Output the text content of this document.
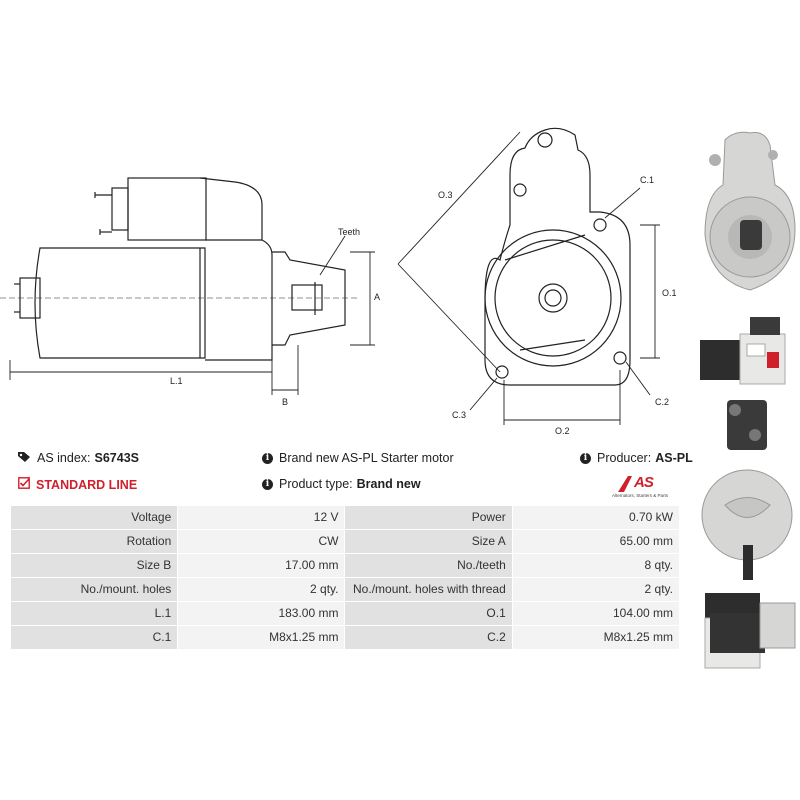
Teeth
A
L.1
B
O.3
O.1
O.2
C.1
C.2
C.3
AS index: S6743S
STANDARD LINE
i Brand new AS-PL Starter motor
i Product type: Brand new
i Producer: AS-PL
AS
Alternators, Starters & Parts
Voltage	12 V	Power	0.70 kW
Rotation	CW	Size A	65.00 mm
Size B	17.00 mm	No./teeth	8 qty.
No./mount. holes	2 qty.	No./mount. holes with thread	2 qty.
L.1	183.00 mm	O.1	104.00 mm
C.1	M8x1.25 mm	C.2	M8x1.25 mm
